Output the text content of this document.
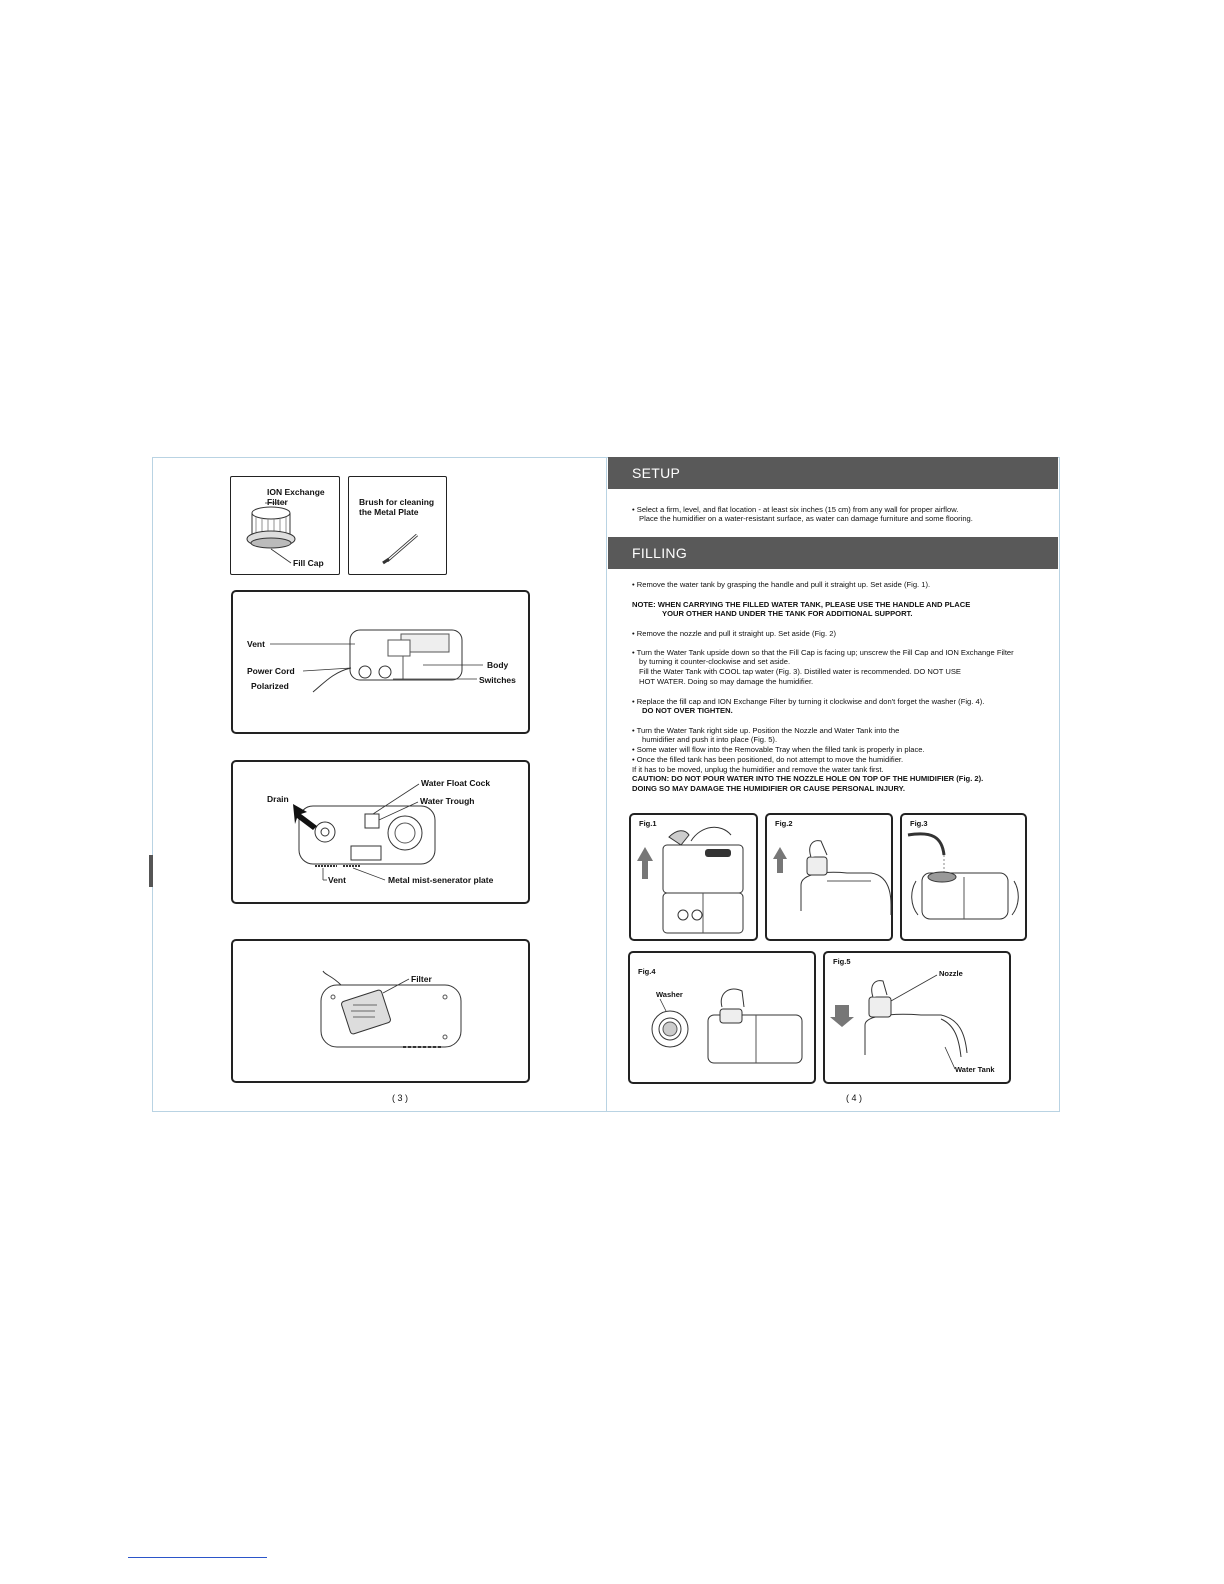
ION Exchange
Filter
Fill Cap
Brush for cleaning
the Metal Plate
Vent
Power Cord
Polarized
Body
Switches
Water Float Cock
Drain	Water Trough
Vent	Metal mist-senerator plate
Filter
( 3 )
SETUP
• Select a firm, level, and flat location - at least six inches (15 cm) from any wall for proper airflow.
Place the humidifier on a water-resistant surface, as water can damage furniture and some flooring.
FILLING
• Remove the water tank by grasping the handle and pull it straight up. Set aside (Fig. 1).
NOTE: WHEN CARRYING THE FILLED WATER TANK, PLEASE USE THE HANDLE AND PLACE
YOUR OTHER HAND UNDER THE TANK FOR ADDITIONAL SUPPORT.
• Remove the nozzle and pull it straight up. Set aside (Fig. 2)
• Turn the Water Tank upside down so that the Fill Cap is facing up; unscrew the Fill Cap and ION Exchange Filter
by turning it counter-clockwise and set aside.
Fill the Water Tank with COOL tap water (Fig. 3). Distilled water is recommended. DO NOT USE
HOT WATER. Doing so may damage the humidifier.
• Replace the fill cap and ION Exchange Filter by turning it clockwise and don't forget the washer (Fig. 4).
DO NOT OVER TIGHTEN.
• Turn the Water Tank right side up. Position the Nozzle and Water Tank into the
humidifier and push it into place (Fig. 5).
• Some water will flow into the Removable Tray when the filled tank is properly in place.
• Once the filled tank has been positioned, do not attempt to move the humidifier.
If it has to be moved, unplug the humidifier and remove the water tank first.
CAUTION: DO NOT POUR WATER INTO THE NOZZLE HOLE ON TOP OF THE HUMIDIFIER (Fig. 2).
DOING SO MAY DAMAGE THE HUMIDIFIER OR CAUSE PERSONAL INJURY.
Fig.1	Fig.2	Fig.3
Fig.4
Washer
Fig.5
Nozzle
Water Tank
( 4 )
